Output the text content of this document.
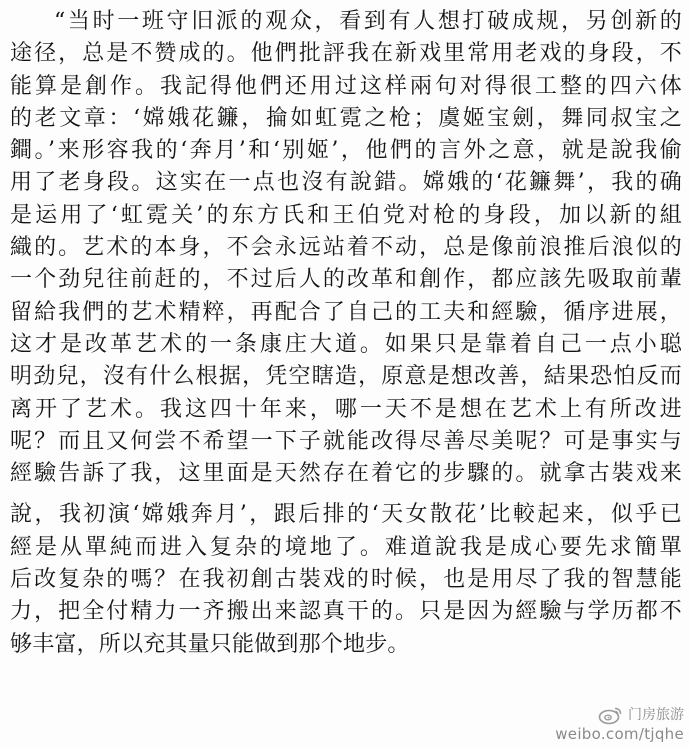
“当时一班守旧派的观众，看到有人想打破成规，另创新的
途径，总是不赞成的。他們批評我在新戏里常用老戏的身段，不
能算是創作。我記得他們还用过这样兩句对得很工整的四六体
的老文章：‘嫦娥花鐮，掄如虹霓之枪；虞姬宝劍，舞同叔宝之
鐧。’来形容我的‘奔月’和‘别姬’，他們的言外之意，就是說我偷
用了老身段。这实在一点也沒有說錯。嫦娥的‘花鐮舞’，我的确
是运用了‘虹霓关’的东方氏和王伯党对枪的身段，加以新的組
織的。艺术的本身，不会永远站着不动，总是像前浪推后浪似的
一个劲兒往前赶的，不过后人的改革和創作，都应該先吸取前輩
留給我們的艺术精粹，再配合了自己的工夫和經驗，循序进展，
这才是改革艺术的一条康庄大道。如果只是靠着自己一点小聪
明劲兒，沒有什么根据，凭空瞎造，原意是想改善，結果恐怕反而
离开了艺术。我这四十年来，哪一天不是想在艺术上有所改进
呢？而且又何尝不希望一下子就能改得尽善尽美呢？可是事实与
經驗告訴了我，这里面是天然存在着它的步驟的。就拿古裝戏来
說，我初演‘嫦娥奔月’，跟后排的‘天女散花’比較起来，似乎已
經是从單純而进入复杂的境地了。难道說我是成心要先求簡單
后改复杂的嗎？在我初創古裝戏的时候，也是用尽了我的智慧能
力，把全付精力一齐搬出来認真干的。只是因为經驗与学历都不
够丰富，所以充其量只能做到那个地步。
门房旅游
weibo.com/tjqhe
